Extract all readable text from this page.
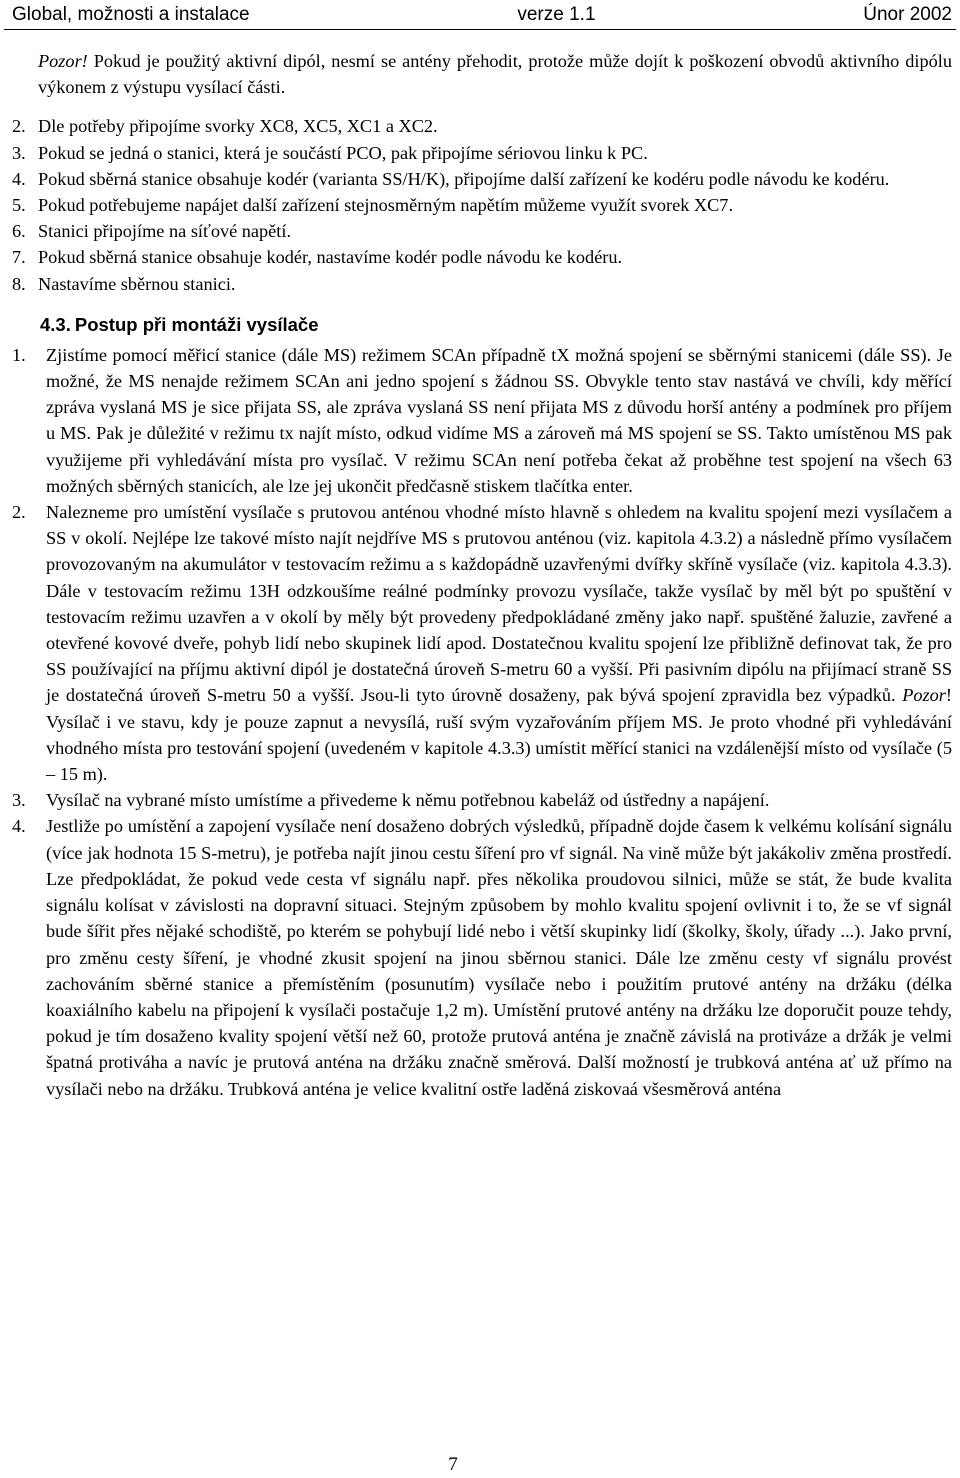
Global, možnosti a instalace	verze 1.1	Únor 2002

Pozor! Pokud je použitý aktivní dipól, nesmí se antény přehodit, protože může dojít k poškození obvodů aktivního dipólu výkonem z výstupu vysílací části.

2. Dle potřeby připojíme svorky XC8, XC5, XC1 a XC2.
3. Pokud se jedná o stanici, která je součástí PCO, pak připojíme sériovou linku k PC.
4. Pokud sběrná stanice obsahuje kodér (varianta SS/H/K), připojíme další zařízení ke kodéru podle návodu ke kodéru.
5. Pokud potřebujeme napájet další zařízení stejnosměrným napětím můžeme využít svorek XC7.
6. Stanici připojíme na síťové napětí.
7. Pokud sběrná stanice obsahuje kodér, nastavíme kodér podle návodu ke kodéru.
8. Nastavíme sběrnou stanici.
4.3. Postup při montáži vysílače
1. Zjistíme pomocí měřicí stanice (dále MS) režimem SCAn případně tX možná spojení se sběrnými stanicemi (dále SS). Je možné, že MS nenajde režimem SCAn ani jedno spojení s žádnou SS. Obvykle tento stav nastává ve chvíli, kdy měřící zpráva vyslaná MS je sice přijata SS, ale zpráva vyslaná SS není přijata MS z důvodu horší antény a podmínek pro příjem u MS. Pak je důležité v režimu tx najít místo, odkud vidíme MS a zároveň má MS spojení se SS. Takto umístěnou MS pak využijeme při vyhledávání místa pro vysílač. V režimu SCAn není potřeba čekat až proběhne test spojení na všech 63 možných sběrných stanicích, ale lze jej ukončit předčasně stiskem tlačítka enter.
2. Nalezneme pro umístění vysílače s prutovou anténou vhodné místo hlavně s ohledem na kvalitu spojení mezi vysílačem a SS v okolí. Nejlépe lze takové místo najít nejdříve MS s prutovou anténou (viz. kapitola 4.3.2) a následně přímo vysílačem provozovaným na akumulátor v testovacím režimu a s každopádně uzavřenými dvířky skříně vysílače (viz. kapitola 4.3.3). Dále v testovacím režimu 13H odzkoušíme reálné podmínky provozu vysílače, takže vysílač by měl být po spuštění v testovacím režimu uzavřen a v okolí by měly být provedeny předpokládané změny jako např. spuštěné žaluzie, zavřené a otevřené kovové dveře, pohyb lidí nebo skupinek lidí apod. Dostatečnou kvalitu spojení lze přibližně definovat tak, že pro SS používající na příjmu aktivní dipól je dostatečná úroveň S-metru 60 a vyšší. Při pasivním dipólu na přijímací straně SS je dostatečná úroveň S-metru 50 a vyšší. Jsou-li tyto úrovně dosaženy, pak bývá spojení zpravidla bez výpadků. Pozor! Vysílač i ve stavu, kdy je pouze zapnut a nevysílá, ruší svým vyzařováním příjem MS. Je proto vhodné při vyhledávání vhodného místa pro testování spojení (uvedeném v kapitole 4.3.3) umístit měřící stanici na vzdálenější místo od vysílače (5 – 15 m).
3. Vysílač na vybrané místo umístíme a přivedeme k němu potřebnou kabeláž od ústředny a napájení.
4. Jestliže po umístění a zapojení vysílače není dosaženo dobrých výsledků, případně dojde časem k velkému kolísání signálu (více jak hodnota 15 S-metru), je potřeba najít jinou cestu šíření pro vf signál. Na vině může být jakákoliv změna prostředí. Lze předpokládat, že pokud vede cesta vf signálu např. přes několika proudovou silnici, může se stát, že bude kvalita signálu kolísat v závislosti na dopravní situaci. Stejným způsobem by mohlo kvalitu spojení ovlivnit i to, že se vf signál bude šířit přes nějaké schodiště, po kterém se pohybují lidé nebo i větší skupinky lidí (školky, školy, úřady ...). Jako první, pro změnu cesty šíření, je vhodné zkusit spojení na jinou sběrnou stanici. Dále lze změnu cesty vf signálu provést zachováním sběrné stanice a přemístěním (posunutím) vysílače nebo i použitím prutové antény na držáku (délka koaxiálního kabelu na připojení k vysílači postačuje 1,2 m). Umístění prutové antény na držáku lze doporučit pouze tehdy, pokud je tím dosaženo kvality spojení větší než 60, protože prutová anténa je značně závislá na protiváze a držák je velmi špatná protiváha a navíc je prutová anténa na držáku značně směrová. Další možností je trubková anténa ať už přímo na vysílači nebo na držáku. Trubková anténa je velice kvalitní ostře laděná ziskovaá všesměrová anténa
7
